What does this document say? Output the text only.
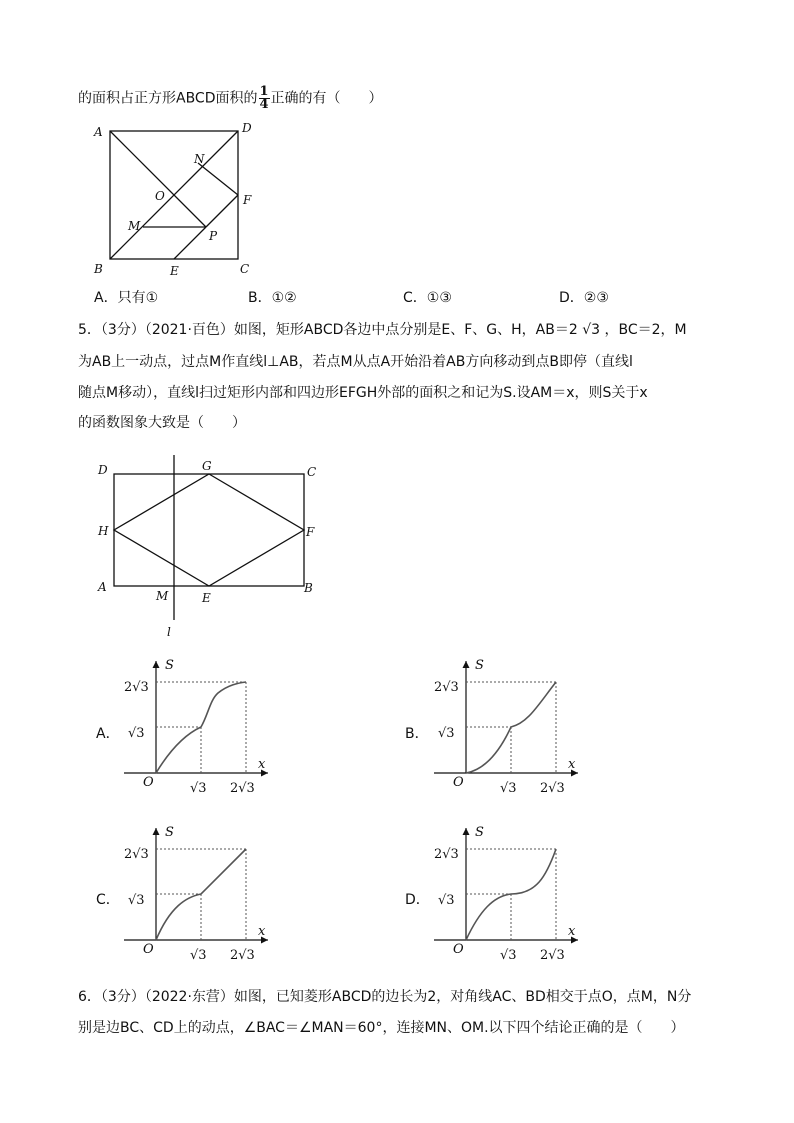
的面积占正方形ABCD面积的 $\frac{1}{4}$ 正确的有（　　）
A
B	C
D
N
O	F
M
P
E
A．只有①	B．①②	C．①③	D．②③
5．（3分）（2021·百色）如图，矩形ABCD各边中点分别是E、F、G、H，AB＝2 √3 ，BC＝2，M
为AB上一动点，过点M作直线l⊥AB，若点M从点A开始沿着AB方向移动到点B即停（直线l
随点M移动），直线l扫过矩形内部和四边形EFGH外部的面积之和记为S.设AM＝x，则S关于x
的函数图象大致是（　　）
D	G	C
H	F
A
M	E
B
l
A．	B．
C．	D．
S
x
O
2√3
√3
√3 2√3
S
x
O
2√3
√3
√3 2√3
S
x
O
2√3
√3
√3 2√3
S
x
O
2√3
√3
√3 2√3
6．（3分）（2022·东营）如图，已知菱形ABCD的边长为2，对角线AC、BD相交于点O，点M，N分
别是边BC、CD上的动点，∠BAC＝∠MAN＝60°，连接MN、OM.以下四个结论正确的是（　　）
